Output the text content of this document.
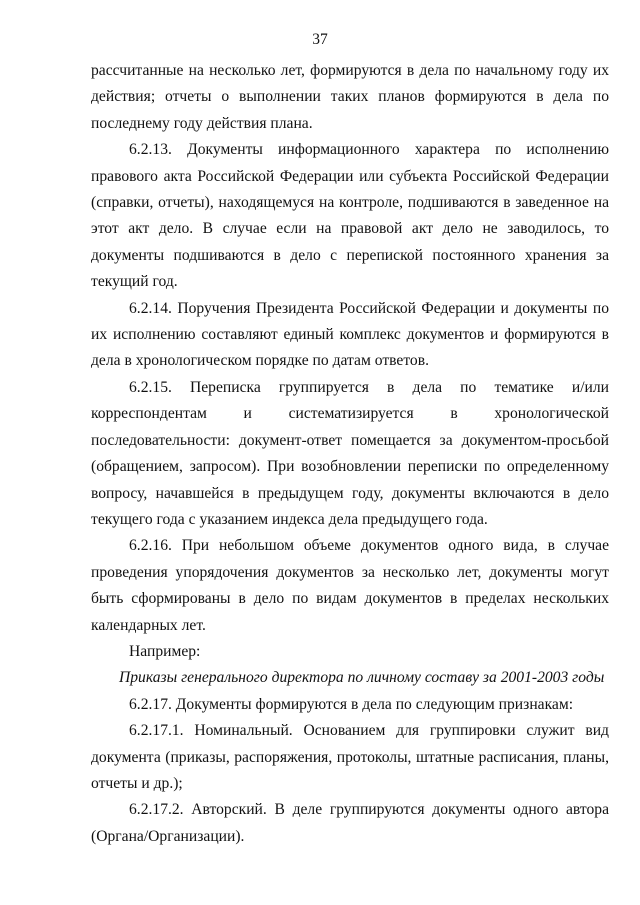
37

рассчитанные на несколько лет, формируются в дела по начальному году их действия; отчеты о выполнении таких планов формируются в дела по последнему году действия плана.

6.2.13. Документы информационного характера по исполнению правового акта Российской Федерации или субъекта Российской Федерации (справки, отчеты), находящемуся на контроле, подшиваются в заведенное на этот акт дело. В случае если на правовой акт дело не заводилось, то документы подшиваются в дело с перепиской постоянного хранения за текущий год.

6.2.14. Поручения Президента Российской Федерации и документы по их исполнению составляют единый комплекс документов и формируются в дела в хронологическом порядке по датам ответов.

6.2.15. Переписка группируется в дела по тематике и/или корреспондентам и систематизируется в хронологической последовательности: документ-ответ помещается за документом-просьбой (обращением, запросом). При возобновлении переписки по определенному вопросу, начавшейся в предыдущем году, документы включаются в дело текущего года с указанием индекса дела предыдущего года.

6.2.16. При небольшом объеме документов одного вида, в случае проведения упорядочения документов за несколько лет, документы могут быть сформированы в дело по видам документов в пределах нескольких календарных лет.

Например:

Приказы генерального директора по личному составу за 2001-2003 годы

6.2.17. Документы формируются в дела по следующим признакам:

6.2.17.1. Номинальный. Основанием для группировки служит вид документа (приказы, распоряжения, протоколы, штатные расписания, планы, отчеты и др.);

6.2.17.2. Авторский. В деле группируются документы одного автора (Органа/Организации).
